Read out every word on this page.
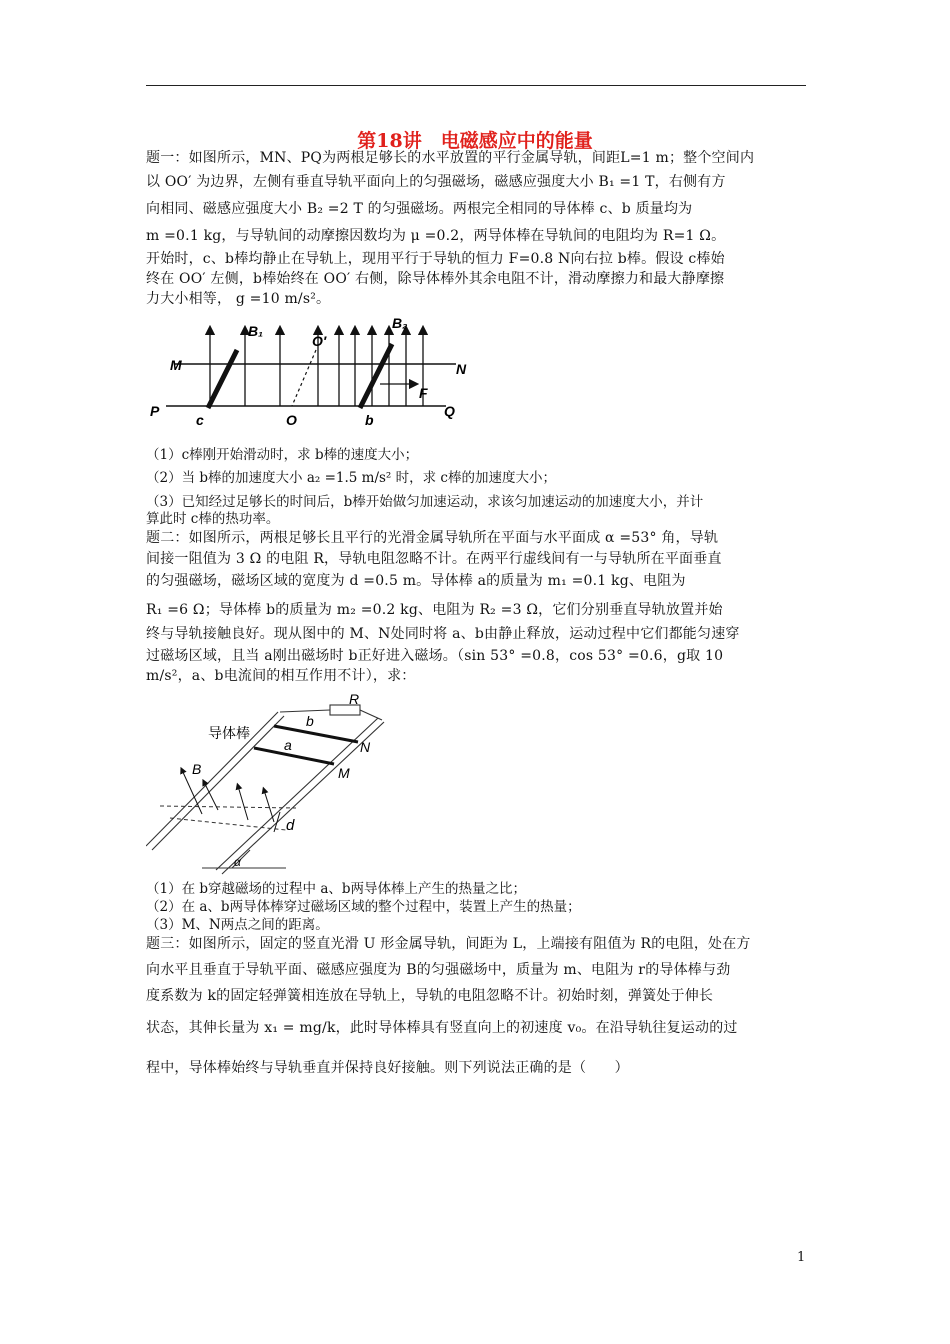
第18讲　电磁感应中的能量

题一：如图所示，MN、PQ为两根足够长的水平放置的平行金属导轨，间距L=1 m；整个空间内

以 OO′ 为边界，左侧有垂直导轨平面向上的匀强磁场，磁感应强度大小 B₁ =1 T，右侧有方

向相同、磁感应强度大小 B₂ =2 T 的匀强磁场。两根完全相同的导体棒 c、b 质量均为

m =0.1 kg，与导轨间的动摩擦因数均为 μ =0.2，两导体棒在导轨间的电阻均为 R=1 Ω。

开始时，c、b棒均静止在导轨上，现用平行于导轨的恒力 F=0.8 N向右拉 b棒。假设 c棒始

终在 OO′ 左侧，b棒始终在 OO′ 右侧，除导体棒外其余电阻不计，滑动摩擦力和最大静摩擦

力大小相等， g =10 m/s²。

B₁	B₂
O′
M	N
P	Q
c	O	b
F

（1）c棒刚开始滑动时，求 b棒的速度大小；

（2）当 b棒的加速度大小 a₂ =1.5 m/s² 时，求 c棒的加速度大小；

（3）已知经过足够长的时间后，b棒开始做匀加速运动，求该匀加速运动的加速度大小，并计

算此时 c棒的热功率。

题二：如图所示，两根足够长且平行的光滑金属导轨所在平面与水平面成 α =53° 角，导轨

间接一阻值为 3 Ω 的电阻 R，导轨电阻忽略不计。在两平行虚线间有一与导轨所在平面垂直

的匀强磁场，磁场区域的宽度为 d =0.5 m。导体棒 a的质量为 m₁ =0.1 kg、电阻为

R₁ =6 Ω；导体棒 b的质量为 m₂ =0.2 kg、电阻为 R₂ =3 Ω，它们分别垂直导轨放置并始

终与导轨接触良好。现从图中的 M、N处同时将 a、b由静止释放，运动过程中它们都能匀速穿

过磁场区域，且当 a刚出磁场时 b正好进入磁场。（sin 53° =0.8，cos 53° =0.6，g取 10

m/s²，a、b电流间的相互作用不计），求：

R
b
a	N
M
B
d
α
导体棒

（1）在 b穿越磁场的过程中 a、b两导体棒上产生的热量之比；

（2）在 a、b两导体棒穿过磁场区域的整个过程中，装置上产生的热量；

（3）M、N两点之间的距离。

题三：如图所示，固定的竖直光滑 U 形金属导轨，间距为 L，上端接有阻值为 R的电阻，处在方

向水平且垂直于导轨平面、磁感应强度为 B的匀强磁场中，质量为 m、电阻为 r的导体棒与劲

度系数为 k的固定轻弹簧相连放在导轨上，导轨的电阻忽略不计。初始时刻，弹簧处于伸长

状态，其伸长量为 x₁ = mg/k，此时导体棒具有竖直向上的初速度 v₀。在沿导轨往复运动的过

程中，导体棒始终与导轨垂直并保持良好接触。则下列说法正确的是（　　）

1
